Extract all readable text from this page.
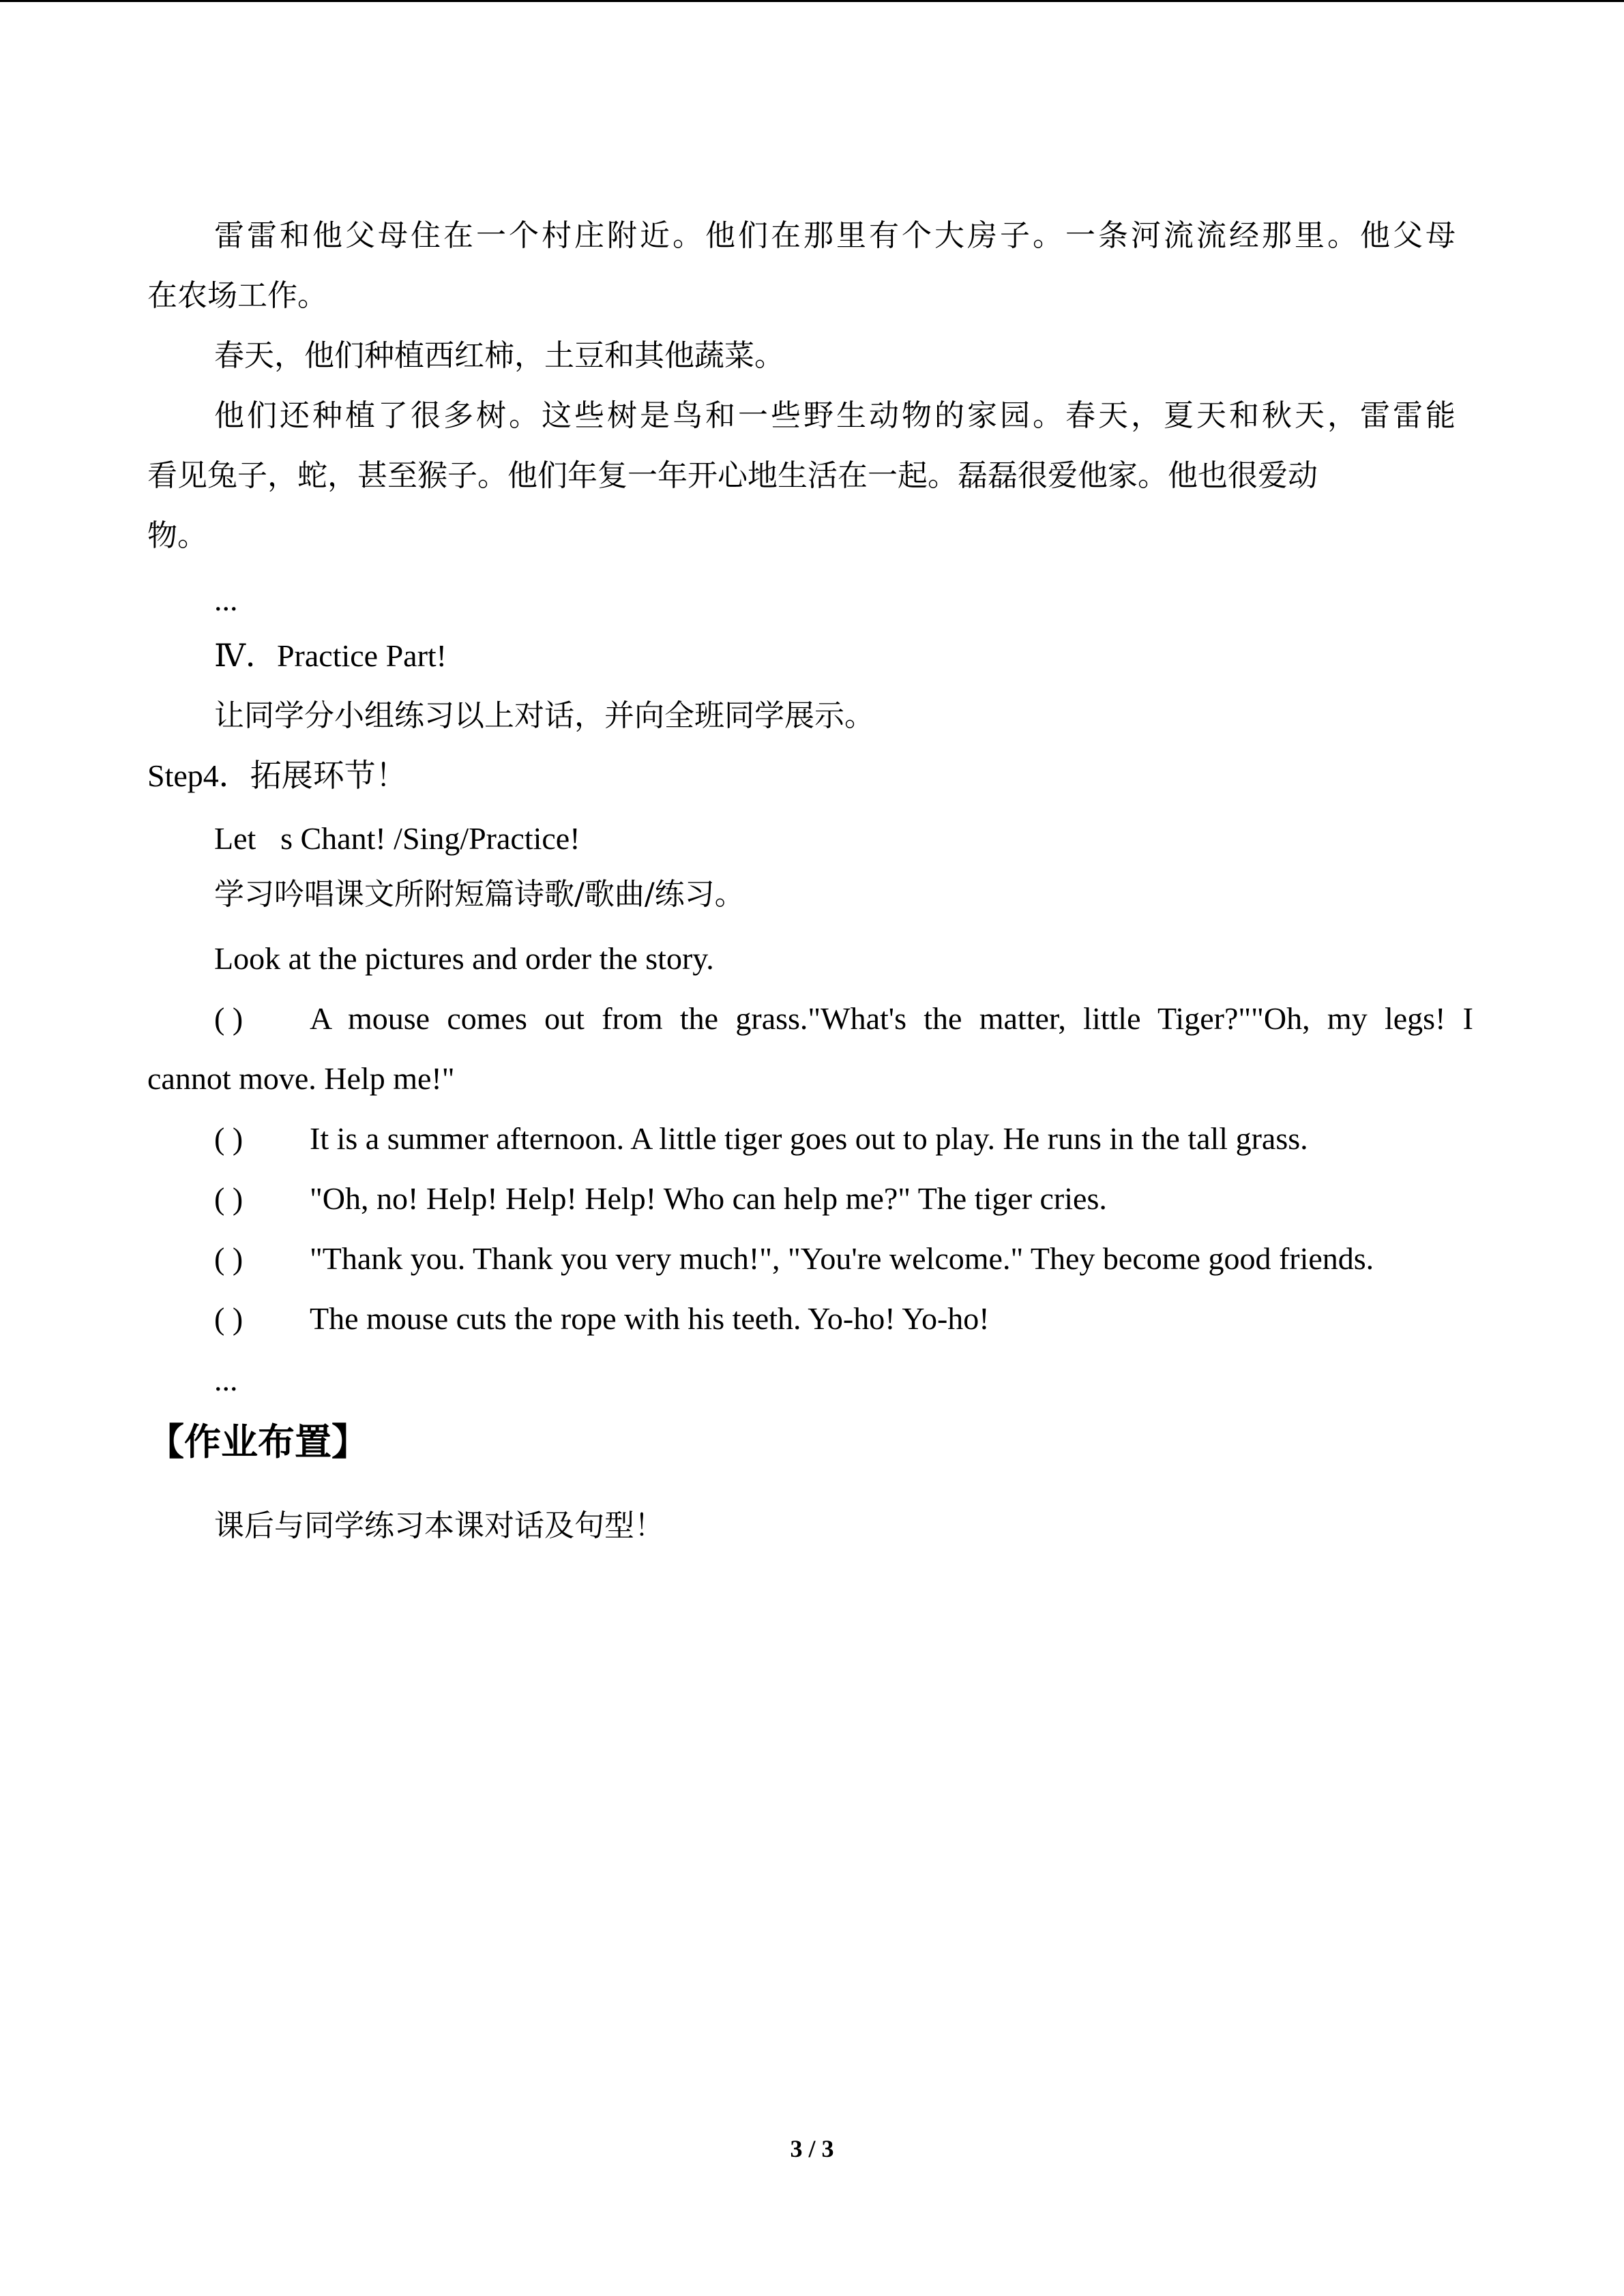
雷雷和他父母住在一个村庄附近。他们在那里有个大房子。一条河流流经那里。他父母
在农场工作。
春天，他们种植西红柿，土豆和其他蔬菜。
他们还种植了很多树。这些树是鸟和一些野生动物的家园。春天，夏天和秋天，雷雷能
看见兔子，蛇，甚至猴子。他们年复一年开心地生活在一起。磊磊很爱他家。他也很爱动
物。
...
Ⅳ．Practice Part!
让同学分小组练习以上对话，并向全班同学展示。
Step4．拓展环节！
Let s Chant! /Sing/Practice!
学习吟唱课文所附短篇诗歌/歌曲/练习。
Look at the pictures and order the story.
( ) A mouse comes out from the grass."What's the matter, little Tiger?""Oh, my legs! I
cannot move. Help me!"
( ) It is a summer afternoon. A little tiger goes out to play. He runs in the tall grass.
( ) "Oh, no! Help! Help! Help! Who can help me?" The tiger cries.
( ) "Thank you. Thank you very much!", "You're welcome." They become good friends.
( ) The mouse cuts the rope with his teeth. Yo-ho! Yo-ho!
...
【作业布置】
课后与同学练习本课对话及句型！
3 / 3
